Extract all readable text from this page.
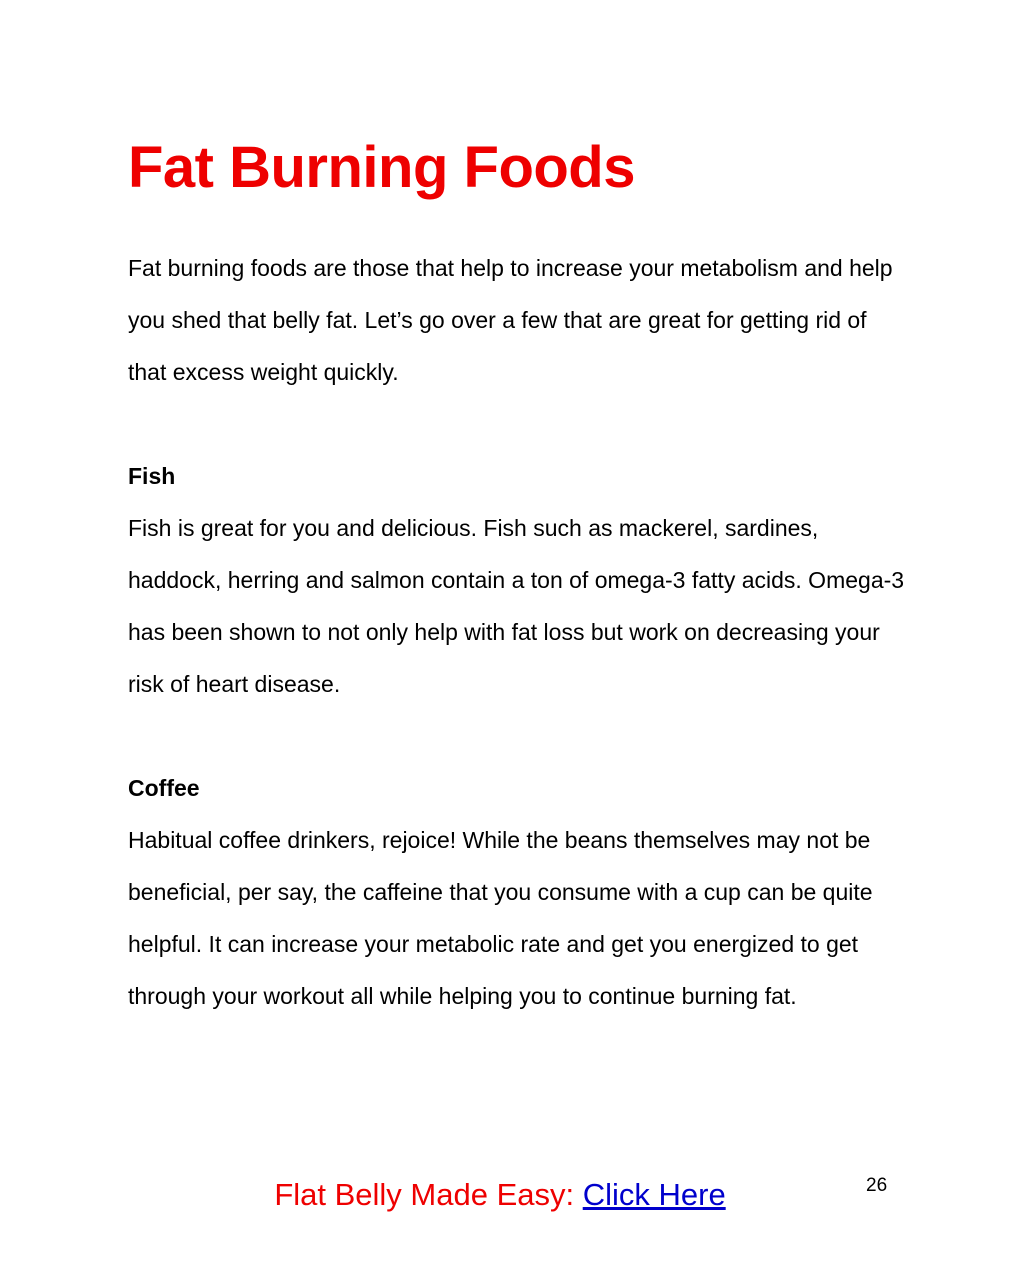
Fat Burning Foods

Fat burning foods are those that help to increase your metabolism and help you shed that belly fat. Let’s go over a few that are great for getting rid of that excess weight quickly.

Fish

Fish is great for you and delicious. Fish such as mackerel, sardines, haddock, herring and salmon contain a ton of omega-3 fatty acids. Omega-3 has been shown to not only help with fat loss but work on decreasing your risk of heart disease.

Coffee

Habitual coffee drinkers, rejoice! While the beans themselves may not be beneficial, per say, the caffeine that you consume with a cup can be quite helpful. It can increase your metabolic rate and get you energized to get through your workout all while helping you to continue burning fat.

Flat Belly Made Easy: Click Here	26
